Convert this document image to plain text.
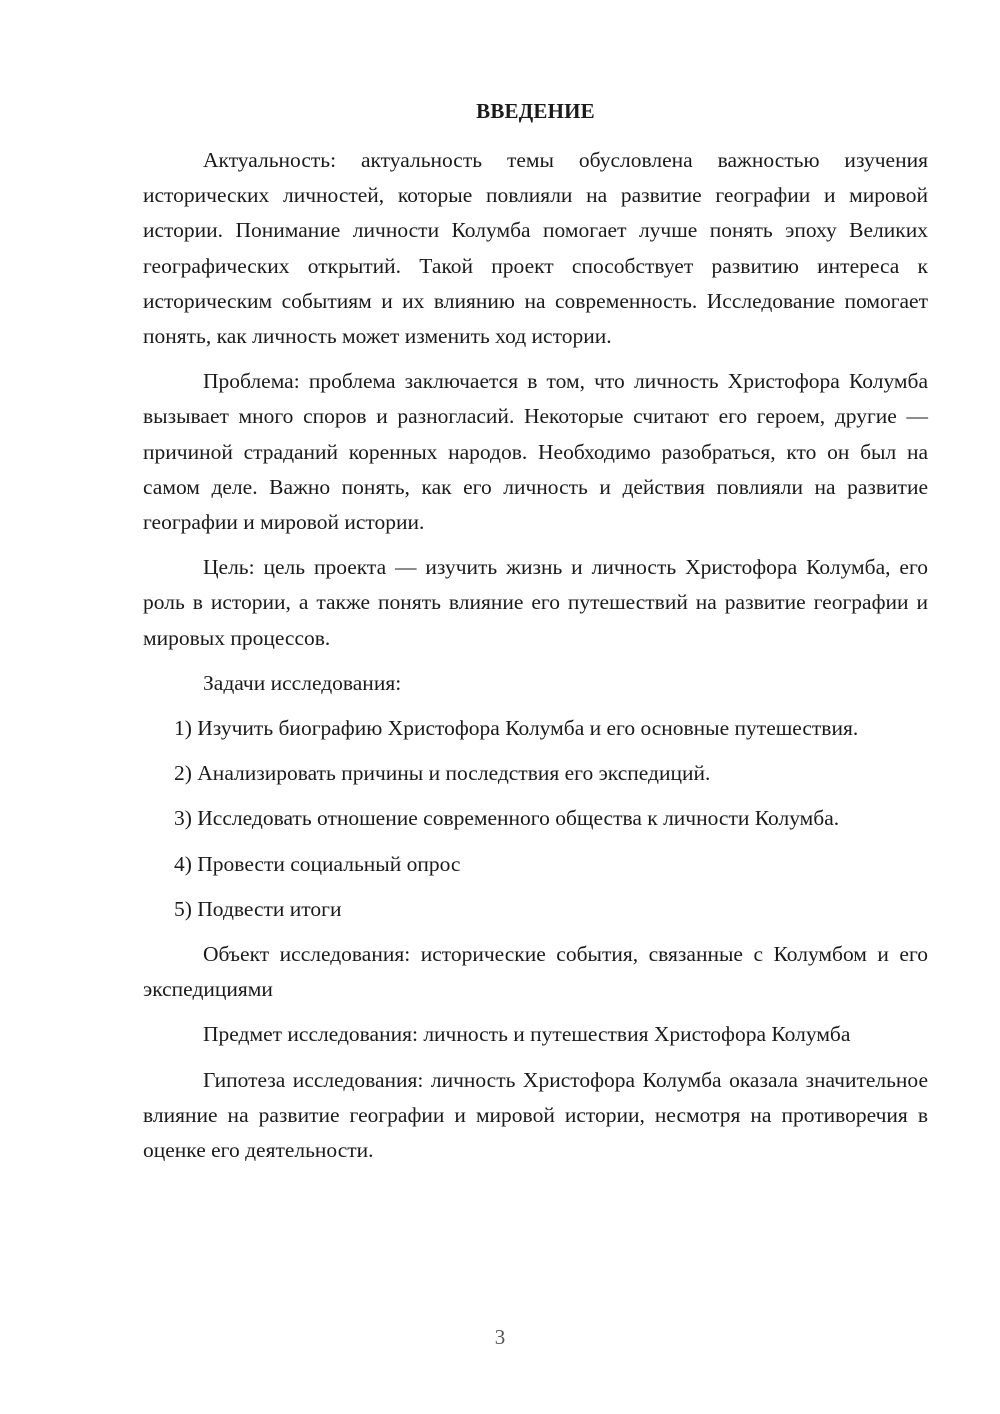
ВВЕДЕНИЕ

Актуальность: актуальность темы обусловлена важностью изучения исторических личностей, которые повлияли на развитие географии и мировой истории. Понимание личности Колумба помогает лучше понять эпоху Великих географических открытий. Такой проект способствует развитию интереса к историческим событиям и их влиянию на современность. Исследование помогает понять, как личность может изменить ход истории.

Проблема: проблема заключается в том, что личность Христофора Колумба вызывает много споров и разногласий. Некоторые считают его героем, другие — причиной страданий коренных народов. Необходимо разобраться, кто он был на самом деле. Важно понять, как его личность и действия повлияли на развитие географии и мировой истории.

Цель: цель проекта — изучить жизнь и личность Христофора Колумба, его роль в истории, а также понять влияние его путешествий на развитие географии и мировых процессов.

Задачи исследования:

1) Изучить биографию Христофора Колумба и его основные путешествия.

2) Анализировать причины и последствия его экспедиций.

3) Исследовать отношение современного общества к личности Колумба.

4) Провести социальный опрос

5) Подвести итоги

Объект исследования: исторические события, связанные с Колумбом и его экспедициями

Предмет исследования: личность и путешествия Христофора Колумба

Гипотеза исследования: личность Христофора Колумба оказала значительное влияние на развитие географии и мировой истории, несмотря на противоречия в оценке его деятельности.

3
